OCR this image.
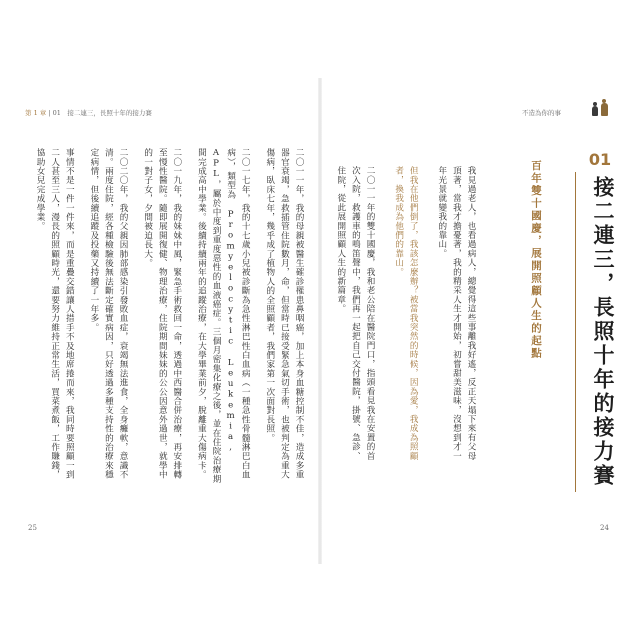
第 1 章 | 01　接二連三，長照十年的接力賽	不造為你的事
01
接二連三，長照十年的接力賽
百年雙十國慶，展開照顧人生的起點

我見過老人，也看過病人，總覺得這些事離我好遙，反正天塌下來有父母頂著，當我才擔憂著，我的精采人生才開始，初嘗甜美滋味，沒想到才一年光景就變我的靠山。

但我在他們倒了，我該怎麼辦？被當我突然的時候，因為愛，我成為照顧者，換我成為他們的靠山。

二〇一一年的雙十國慶，我和老公陪在醫院門口，指頭看見我在安置的首次入院，救護車的鳴笛聲中，我們再一起把自己交付醫院，掛號、急診、住院，從此展開照顧人生的新篇章。

二〇一一年，我的母親被醫生確診罹患鼻咽癌，加上本身血糖控制不佳，造成多重器官衰竭，急救插管住院數月，命，但當時已接受緊急氣切手術，也被判定為重大傷病，臥床七年，幾乎成了植物人的全照顧者，我們家第一次面對長照。

二〇一七年，我的十七歲小兒被診斷為急性淋巴性白血病（一種急性骨髓淋巴白血病），類型為 Promyelocytic Leukemia, APL，屬於中度到重度惡性的血液癌症。三個月密集化療之後，並在住院治療期間完成高中學業。後續持續兩年的追蹤治療，在大學畢業前夕，脫離重大傷病卡。

二〇一九年，我的妹妹中風，緊急手術救回一命，透過中西醫合併治療，再安排轉至慢性醫院。隨即展開復健、物理治療，住院期間妹妹的公公因意外過世，就學中的一對子女，夕間被迫長大。

二〇二〇年，我的父親因肺部感染引發敗血症，衰竭無法進食，全身癱軟，意識不清。兩度住院，經各種檢驗後無法斷定確實病因，只好透過多種支持性的治療來穩定病情，但後續追蹤及投藥又持續了一年多。

事情不是一件一件來，而是重疊交錯讓人措手不及地席捲而來，我同時要照顧一到二人甚至三人，漫長的照顧時光，還要努力維持正常生活，買菜煮飯，工作賺錢，協助女兒完成學業。

25	24
